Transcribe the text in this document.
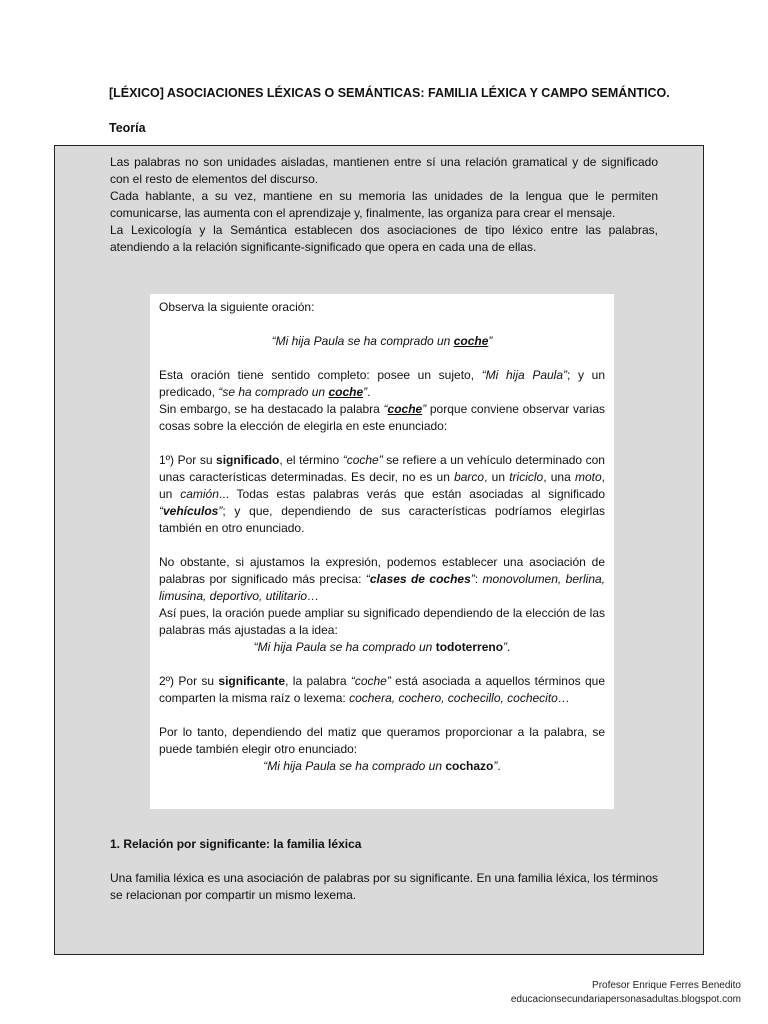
[LÉXICO] ASOCIACIONES LÉXICAS O SEMÁNTICAS: FAMILIA LÉXICA Y CAMPO SEMÁNTICO.
Teoría

Las palabras no son unidades aisladas, mantienen entre sí una relación gramatical y de significado con el resto de elementos del discurso.

Cada hablante, a su vez, mantiene en su memoria las unidades de la lengua que le permiten comunicarse, las aumenta con el aprendizaje y, finalmente, las organiza para crear el mensaje.

La Lexicología y la Semántica establecen dos asociaciones de tipo léxico entre las palabras, atendiendo a la relación significante-significado que opera en cada una de ellas.

Observa la siguiente oración:

“Mi hija Paula se ha comprado un coche”

Esta oración tiene sentido completo: posee un sujeto, “Mi hija Paula”; y un predicado, “se ha comprado un coche”.

Sin embargo, se ha destacado la palabra “coche” porque conviene observar varias cosas sobre la elección de elegirla en este enunciado:

1º) Por su significado, el término “coche” se refiere a un vehículo determinado con unas características determinadas. Es decir, no es un barco, un triciclo, una moto, un camión... Todas estas palabras verás que están asociadas al significado “vehículos”; y que, dependiendo de sus características podríamos elegirlas también en otro enunciado.

No obstante, si ajustamos la expresión, podemos establecer una asociación de palabras por significado más precisa: “clases de coches”: monovolumen, berlina, limusina, deportivo, utilitario…

Así pues, la oración puede ampliar su significado dependiendo de la elección de las palabras más ajustadas a la idea:

“Mi hija Paula se ha comprado un todoterreno”.

2º) Por su significante, la palabra “coche” está asociada a aquellos términos que comparten la misma raíz o lexema: cochera, cochero, cochecillo, cochecito…

Por lo tanto, dependiendo del matiz que queramos proporcionar a la palabra, se puede también elegir otro enunciado:

“Mi hija Paula se ha comprado un cochazo”.

1. Relación por significante: la familia léxica
Una familia léxica es una asociación de palabras por su significante. En una familia léxica, los términos se relacionan por compartir un mismo lexema.
Profesor Enrique Ferres Benedito
educacionsecundariapersonasadultas.blogspot.com
